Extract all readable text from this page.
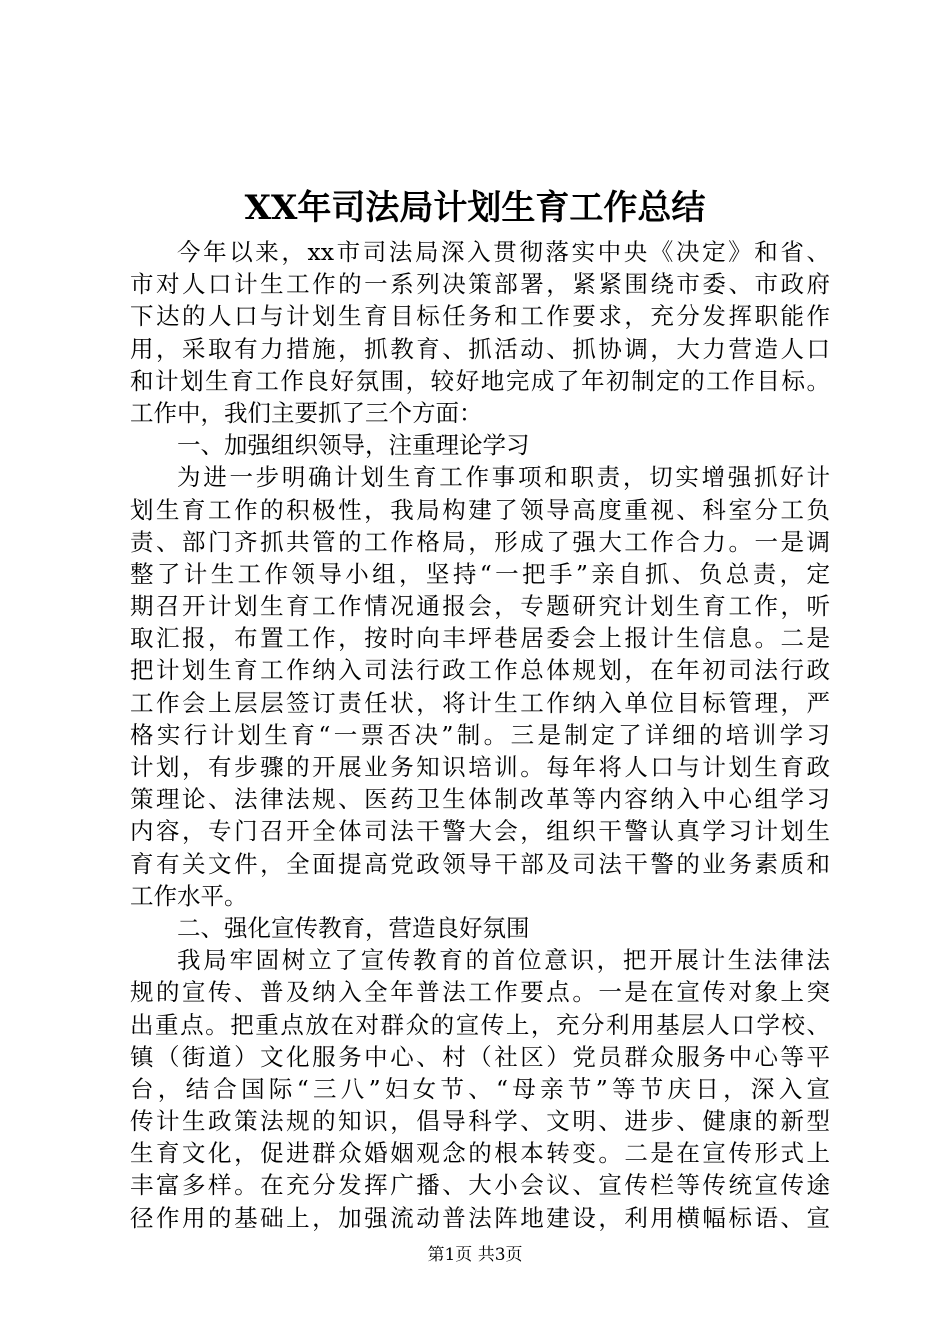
XX年司法局计划生育工作总结
今年以来，xx市司法局深入贯彻落实中央《决定》和省、
市对人口计生工作的一系列决策部署，紧紧围绕市委、市政府
下达的人口与计划生育目标任务和工作要求，充分发挥职能作
用，采取有力措施，抓教育、抓活动、抓协调，大力营造人口
和计划生育工作良好氛围，较好地完成了年初制定的工作目标。
工作中，我们主要抓了三个方面：
一、加强组织领导，注重理论学习
为进一步明确计划生育工作事项和职责，切实增强抓好计
划生育工作的积极性，我局构建了领导高度重视、科室分工负
责、部门齐抓共管的工作格局，形成了强大工作合力。一是调
整了计生工作领导小组，坚持“一把手”亲自抓、负总责，定
期召开计划生育工作情况通报会，专题研究计划生育工作，听
取汇报，布置工作，按时向丰坪巷居委会上报计生信息。二是
把计划生育工作纳入司法行政工作总体规划，在年初司法行政
工作会上层层签订责任状，将计生工作纳入单位目标管理，严
格实行计划生育“一票否决”制。三是制定了详细的培训学习
计划，有步骤的开展业务知识培训。每年将人口与计划生育政
策理论、法律法规、医药卫生体制改革等内容纳入中心组学习
内容，专门召开全体司法干警大会，组织干警认真学习计划生
育有关文件，全面提高党政领导干部及司法干警的业务素质和
工作水平。
二、强化宣传教育，营造良好氛围
我局牢固树立了宣传教育的首位意识，把开展计生法律法
规的宣传、普及纳入全年普法工作要点。一是在宣传对象上突
出重点。把重点放在对群众的宣传上，充分利用基层人口学校、
镇（街道）文化服务中心、村（社区）党员群众服务中心等平
台，结合国际“三八”妇女节、“母亲节”等节庆日，深入宣
传计生政策法规的知识，倡导科学、文明、进步、健康的新型
生育文化，促进群众婚姻观念的根本转变。二是在宣传形式上
丰富多样。在充分发挥广播、大小会议、宣传栏等传统宣传途
径作用的基础上，加强流动普法阵地建设，利用横幅标语、宣
第1页 共3页
